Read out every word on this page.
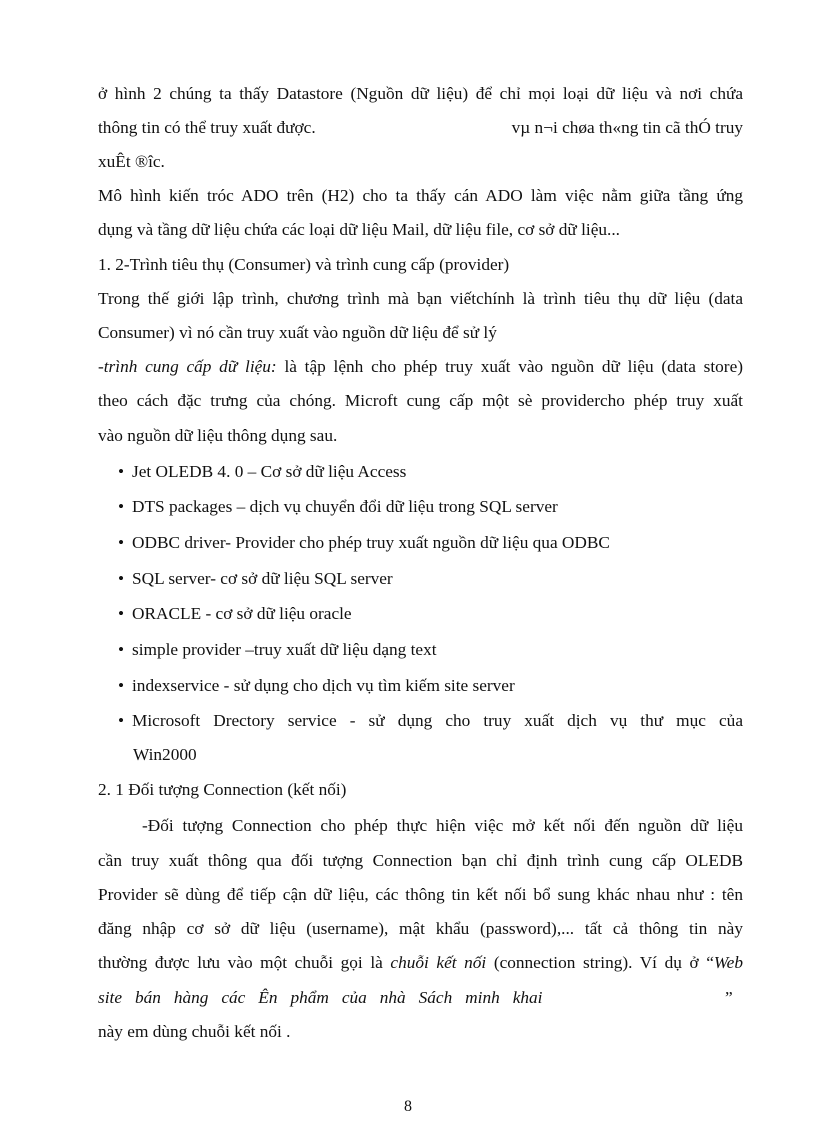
ở hình 2 chúng ta thấy Datastore (Nguồn dữ liệu) để chỉ mọi loại dữ liệu và nơi chứa
thông tin có thể truy xuất được.	vµ n¬i chøa th«ng tin cã thÓ truy
xuÊt ®îc.
Mô hình kiến tróc ADO trên (H2) cho ta thấy cán ADO làm việc nằm giữa tầng ứng
dụng và tầng dữ liệu chứa các loại dữ liệu Mail, dữ liệu file, cơ sở dữ liệu...
1. 2-Trình tiêu thụ (Consumer) và trình cung cấp (provider)
Trong thế giới lập trình, chương trình mà bạn viếtchính là trình tiêu thụ dữ liệu (data
Consumer) vì nó cần truy xuất vào nguồn dữ liệu để sử lý
-trình cung cấp dữ liệu: là tập lệnh cho phép truy xuất vào nguồn dữ liệu (data store)
theo cách đặc trưng của chóng. Microft cung cấp một sè providercho phép truy xuất
vào nguồn dữ liệu thông dụng sau.
• Jet OLEDB 4. 0 – Cơ sở dữ liệu Access
• DTS packages – dịch vụ chuyển đổi dữ liệu trong SQL server
• ODBC driver- Provider cho phép truy xuất nguồn dữ liệu qua ODBC
• SQL server- cơ sở dữ liệu SQL server
• ORACLE - cơ sở dữ liệu oracle
• simple provider –truy xuất dữ liệu dạng text
• indexservice - sử dụng cho dịch vụ tìm kiếm site server
• Microsoft Drectory service - sử dụng cho truy xuất dịch vụ thư mục của
Win2000
2. 1 Đối tượng Connection (kết nối)
-Đối tượng Connection cho phép thực hiện việc mở kết nối đến nguồn dữ liệu
cần truy xuất thông qua đối tượng Connection bạn chỉ định trình cung cấp OLEDB
Provider sẽ dùng để tiếp cận dữ liệu, các thông tin kết nối bổ sung khác nhau như : tên
đăng nhập cơ sở dữ liệu (username), mật khẩu (password),... tất cả thông tin này
thường được lưu vào một chuỗi gọi là chuỗi kết nối (connection string). Ví dụ ở “Web
site   bán   hàng   các   Ên   phẩm   của   nhà   Sách   minh   khai	”
này em dùng chuỗi kết nối .
8
